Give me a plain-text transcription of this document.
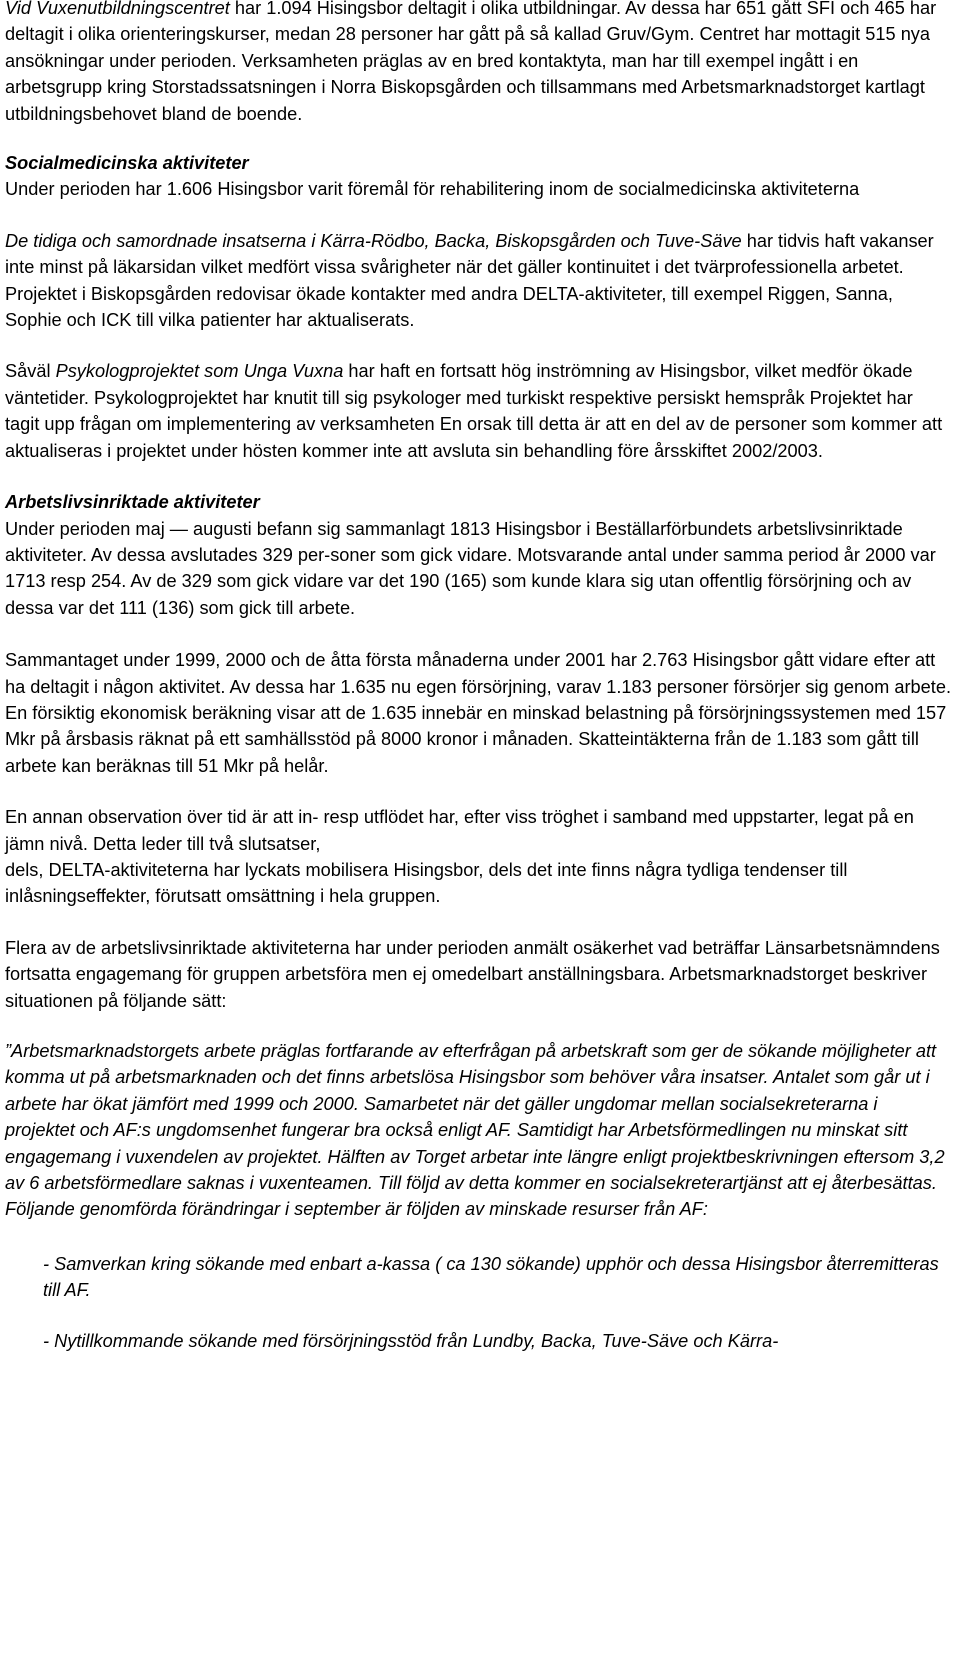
Vid Vuxenutbildningscentret har 1.094 Hisingsbor deltagit i olika utbildningar. Av dessa har 651 gått SFI och 465 har deltagit i olika orienteringskurser, medan 28 personer har gått på så kallad Gruv/Gym. Centret har mottagit 515 nya ansökningar under perioden. Verksamheten präglas av en bred kontaktyta, man har till exempel ingått i en arbetsgrupp kring Storstadssatsningen i Norra Biskopsgården och tillsammans med Arbetsmarknadstorget kartlagt utbildningsbehovet bland de boende.

Socialmedicinska aktiviteter

Under perioden har 1.606 Hisingsbor varit föremål för rehabilitering inom de socialmedicinska aktiviteterna

De tidiga och samordnade insatserna i Kärra-Rödbo, Backa, Biskopsgården och Tuve-Säve har tidvis haft vakanser inte minst på läkarsidan vilket medfört vissa svårigheter när det gäller kontinuitet i det tvärprofessionella arbetet. Projektet i Biskopsgården redovisar ökade kontakter med andra DELTA-aktiviteter, till exempel Riggen, Sanna, Sophie och ICK till vilka patienter har aktualiserats.

Såväl Psykologprojektet som Unga Vuxna har haft en fortsatt hög inströmning av Hisingsbor, vilket medför ökade väntetider. Psykologprojektet har knutit till sig psykologer med turkiskt respektive persiskt hemspråk Projektet har tagit upp frågan om implementering av verksamheten En orsak till detta är att en del av de personer som kommer att aktualiseras i projektet under hösten kommer inte att avsluta sin behandling före årsskiftet 2002/2003.

Arbetslivsinriktade aktiviteter

Under perioden maj — augusti befann sig sammanlagt 1813 Hisingsbor i Beställarförbundets arbetslivsinriktade aktiviteter. Av dessa avslutades 329 per-soner som gick vidare. Motsvarande antal under samma period år 2000 var 1713 resp 254. Av de 329 som gick vidare var det 190 (165) som kunde klara sig utan offentlig försörjning och av dessa var det 111 (136) som gick till arbete.

Sammantaget under 1999, 2000 och de åtta första månaderna under 2001 har 2.763 Hisingsbor gått vidare efter att ha deltagit i någon aktivitet. Av dessa har 1.635 nu egen försörjning, varav 1.183 personer försörjer sig genom arbete.

En försiktig ekonomisk beräkning visar att de 1.635 innebär en minskad belastning på försörjningssystemen med 157 Mkr på årsbasis räknat på ett samhällsstöd på 8000 kronor i månaden. Skatteintäkterna från de 1.183 som gått till arbete kan beräknas till 51 Mkr på helår.

En annan observation över tid är att in- resp utflödet har, efter viss tröghet i samband med uppstarter, legat på en jämn nivå. Detta leder till två slutsatser,

dels, DELTA-aktiviteterna har lyckats mobilisera Hisingsbor, dels det inte finns några tydliga tendenser till inlåsningseffekter, förutsatt omsättning i hela gruppen.

Flera av de arbetslivsinriktade aktiviteterna har under perioden anmält osäkerhet vad beträffar Länsarbetsnämndens fortsatta engagemang för gruppen arbetsföra men ej omedelbart anställningsbara. Arbetsmarknadstorget beskriver situationen på följande sätt:

”Arbetsmarknadstorgets arbete präglas fortfarande av efterfrågan på arbetskraft som ger de sökande möjligheter att komma ut på arbetsmarknaden och det finns arbetslösa Hisingsbor som behöver våra insatser. Antalet som går ut i arbete har ökat jämfört med 1999 och 2000. Samarbetet när det gäller ungdomar mellan socialsekreterarna i projektet och AF:s ungdomsenhet fungerar bra också enligt AF. Samtidigt har Arbetsförmedlingen nu minskat sitt engagemang i vuxendelen av projektet. Hälften av Torget arbetar inte längre enligt projektbeskrivningen eftersom 3,2 av 6 arbetsförmedlare saknas i vuxenteamen. Till följd av detta kommer en socialsekreterartjänst att ej återbesättas. Följande genomförda förändringar i september är följden av minskade resurser från AF:

- Samverkan kring sökande med enbart a-kassa ( ca 130 sökande) upphör och dessa Hisingsbor återremitteras till AF.

- Nytillkommande sökande med försörjningsstöd från Lundby, Backa, Tuve-Säve och Kärra-
